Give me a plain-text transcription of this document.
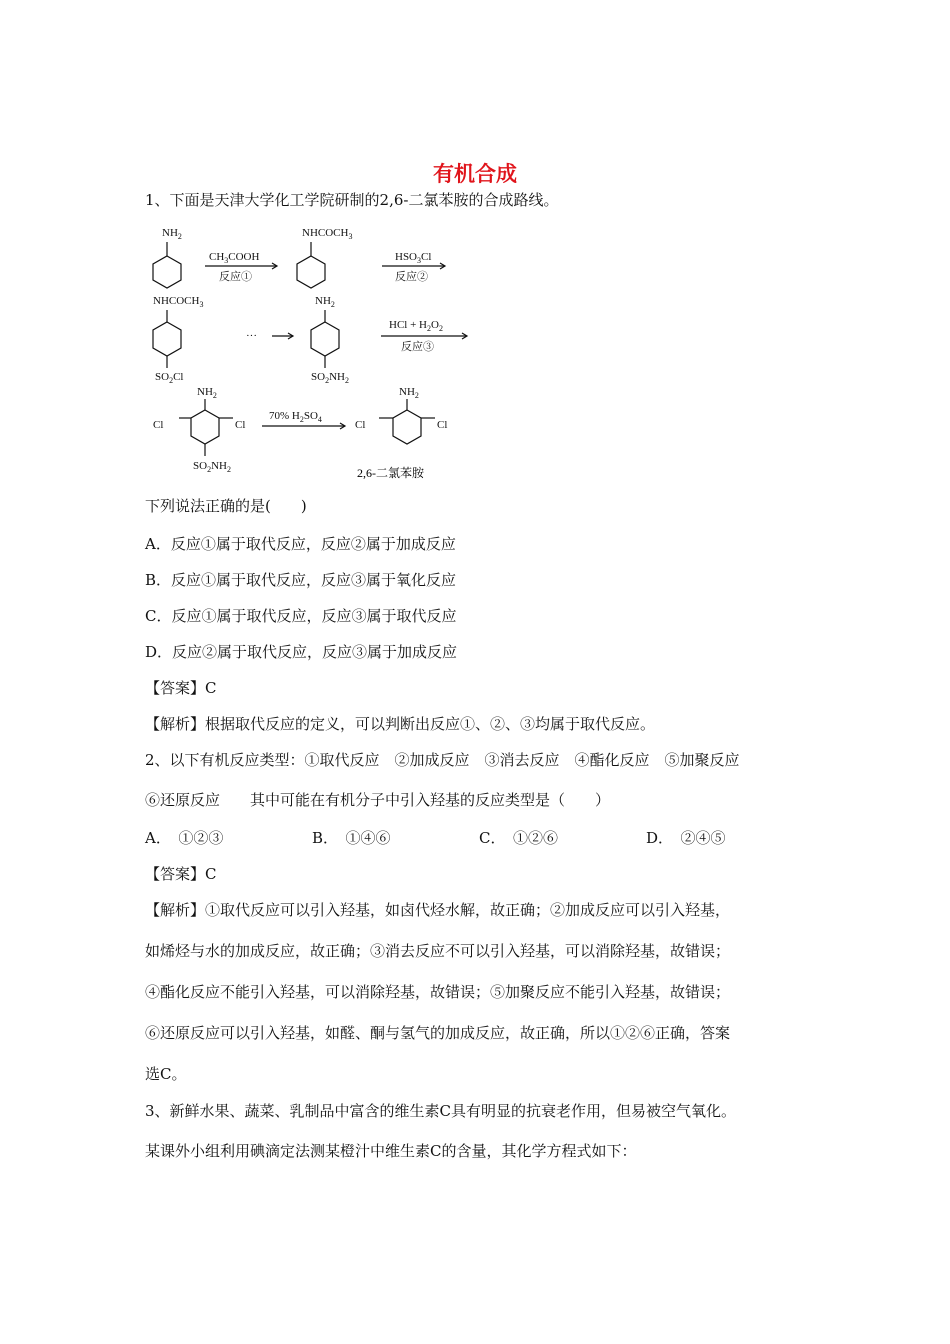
有机合成
1、下面是天津大学化工学院研制的2,6-二氯苯胺的合成路线。
$NH_2$	$NHCOCH_3$
$CH_3COOH$
反应①
$HSO_3Cl$
反应②
$NHCOCH_3$
$SO_2Cl$
···
$NH_2$
$SO_2NH_2$
HCl + $H_2O_2$
反应③
$NH_2$
Cl	Cl
$SO_2NH_2$
70% $H_2SO_4$
$NH_2$
Cl	Cl
2,6-二氯苯胺
下列说法正确的是(　　)
A．反应①属于取代反应，反应②属于加成反应
B．反应①属于取代反应，反应③属于氧化反应
C．反应①属于取代反应，反应③属于取代反应
D．反应②属于取代反应，反应③属于加成反应
【答案】C
【解析】根据取代反应的定义，可以判断出反应①、②、③均属于取代反应。
2、以下有机反应类型：①取代反应　②加成反应　③消去反应　④酯化反应　⑤加聚反应
⑥还原反应　　其中可能在有机分子中引入羟基的反应类型是（　　）
A．　①②③	B．　①④⑥	C．　①②⑥	D．　②④⑤
【答案】C
【解析】①取代反应可以引入羟基，如卤代烃水解，故正确；②加成反应可以引入羟基，
如烯烃与水的加成反应，故正确；③消去反应不可以引入羟基，可以消除羟基，故错误；
④酯化反应不能引入羟基，可以消除羟基，故错误；⑤加聚反应不能引入羟基，故错误；
⑥还原反应可以引入羟基，如醛、酮与氢气的加成反应，故正确，所以①②⑥正确，答案
选C。
3、新鲜水果、蔬菜、乳制品中富含的维生素C具有明显的抗衰老作用，但易被空气氧化。
某课外小组利用碘滴定法测某橙汁中维生素C的含量，其化学方程式如下：
